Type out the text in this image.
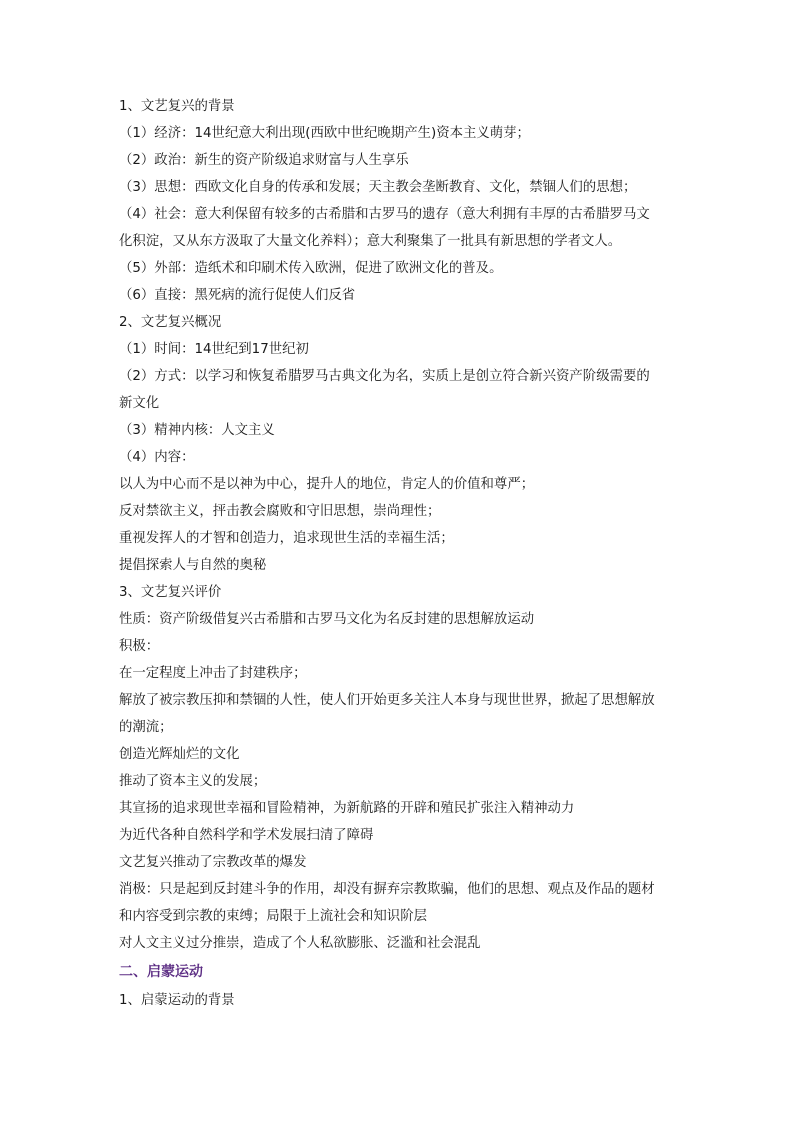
1、文艺复兴的背景
（1）经济：14世纪意大利出现(西欧中世纪晚期产生)资本主义萌芽；
（2）政治：新生的资产阶级追求财富与人生享乐
（3）思想：西欧文化自身的传承和发展；天主教会垄断教育、文化，禁锢人们的思想；
（4）社会：意大利保留有较多的古希腊和古罗马的遗存（意大利拥有丰厚的古希腊罗马文
化积淀，又从东方汲取了大量文化养料）；意大利聚集了一批具有新思想的学者文人。
（5）外部：造纸术和印刷术传入欧洲，促进了欧洲文化的普及。
（6）直接：黑死病的流行促使人们反省
2、文艺复兴概况
（1）时间：14世纪到17世纪初
（2）方式：以学习和恢复希腊罗马古典文化为名，实质上是创立符合新兴资产阶级需要的
新文化
（3）精神内核：人文主义
（4）内容：
以人为中心而不是以神为中心，提升人的地位，肯定人的价值和尊严；
反对禁欲主义，抨击教会腐败和守旧思想，崇尚理性；
重视发挥人的才智和创造力，追求现世生活的幸福生活；
提倡探索人与自然的奥秘
3、文艺复兴评价
性质：资产阶级借复兴古希腊和古罗马文化为名反封建的思想解放运动
积极：
在一定程度上冲击了封建秩序；
解放了被宗教压抑和禁锢的人性，使人们开始更多关注人本身与现世世界，掀起了思想解放
的潮流；
创造光辉灿烂的文化
推动了资本主义的发展；
其宣扬的追求现世幸福和冒险精神，为新航路的开辟和殖民扩张注入精神动力
为近代各种自然科学和学术发展扫清了障碍
文艺复兴推动了宗教改革的爆发
消极：只是起到反封建斗争的作用，却没有摒弃宗教欺骗，他们的思想、观点及作品的题材
和内容受到宗教的束缚；局限于上流社会和知识阶层
对人文主义过分推崇，造成了个人私欲膨胀、泛滥和社会混乱
二、启蒙运动
1、启蒙运动的背景
